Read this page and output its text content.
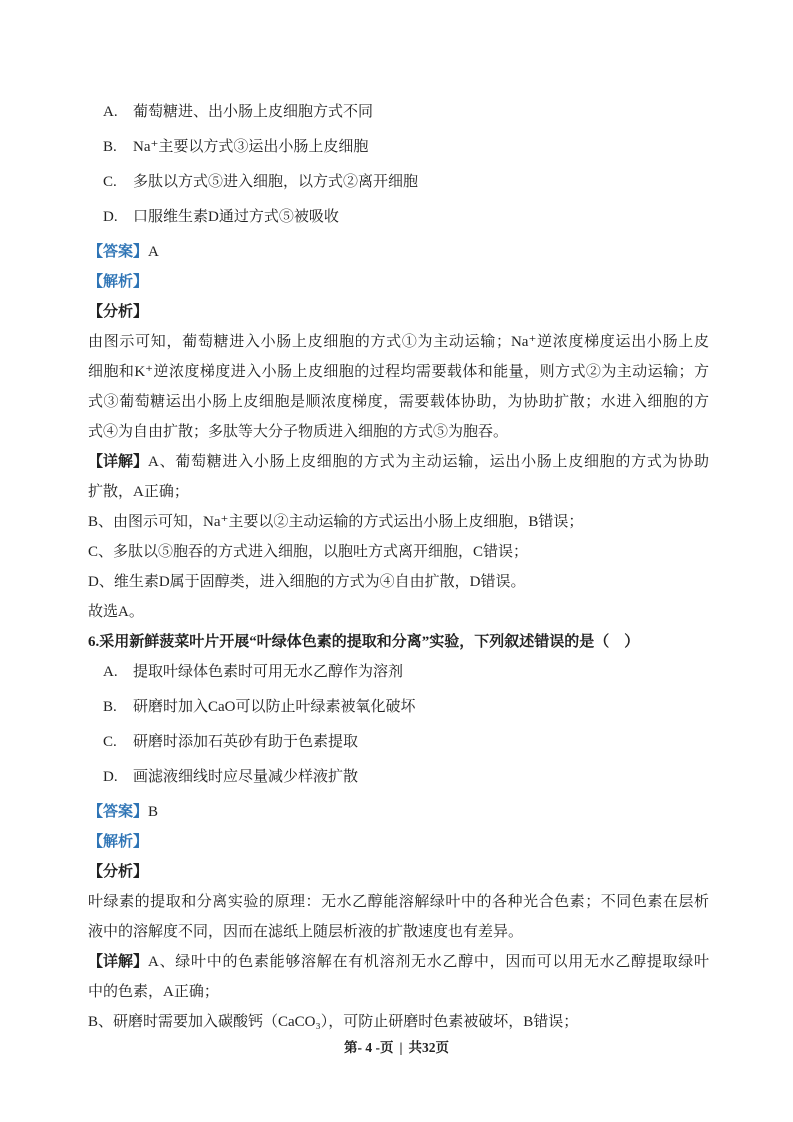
A. 葡萄糖进、出小肠上皮细胞方式不同
B. Na⁺主要以方式③运出小肠上皮细胞
C. 多肽以方式⑤进入细胞，以方式②离开细胞
D. 口服维生素D通过方式⑤被吸收
【答案】A
【解析】
【分析】
由图示可知，葡萄糖进入小肠上皮细胞的方式①为主动运输；Na⁺逆浓度梯度运出小肠上皮
细胞和K⁺逆浓度梯度进入小肠上皮细胞的过程均需要载体和能量，则方式②为主动运输；方
式③葡萄糖运出小肠上皮细胞是顺浓度梯度，需要载体协助，为协助扩散；水进入细胞的方
式④为自由扩散；多肽等大分子物质进入细胞的方式⑤为胞吞。
【详解】 A、葡萄糖进入小肠上皮细胞的方式为主动运输，运出小肠上皮细胞的方式为协助
扩散，A正确；
B、由图示可知，Na⁺主要以②主动运输的方式运出小肠上皮细胞，B错误；
C、多肽以⑤胞吞的方式进入细胞，以胞吐方式离开细胞，C错误；
D、维生素D属于固醇类，进入细胞的方式为④自由扩散，D错误。
故选A。
6.采用新鲜菠菜叶片开展“叶绿体色素的提取和分离”实验，下列叙述错误的是（　）
A. 提取叶绿体色素时可用无水乙醇作为溶剂
B. 研磨时加入CaO可以防止叶绿素被氧化破坏
C. 研磨时添加石英砂有助于色素提取
D. 画滤液细线时应尽量减少样液扩散
【答案】B
【解析】
【分析】
叶绿素的提取和分离实验的原理：无水乙醇能溶解绿叶中的各种光合色素；不同色素在层析
液中的溶解度不同，因而在滤纸上随层析液的扩散速度也有差异。
【详解】 A、绿叶中的色素能够溶解在有机溶剂无水乙醇中，因而可以用无水乙醇提取绿叶
中的色素，A正确；
B、研磨时需要加入碳酸钙（CaCO₃），可防止研磨时色素被破坏，B错误；
第- 4 -页 | 共32页
